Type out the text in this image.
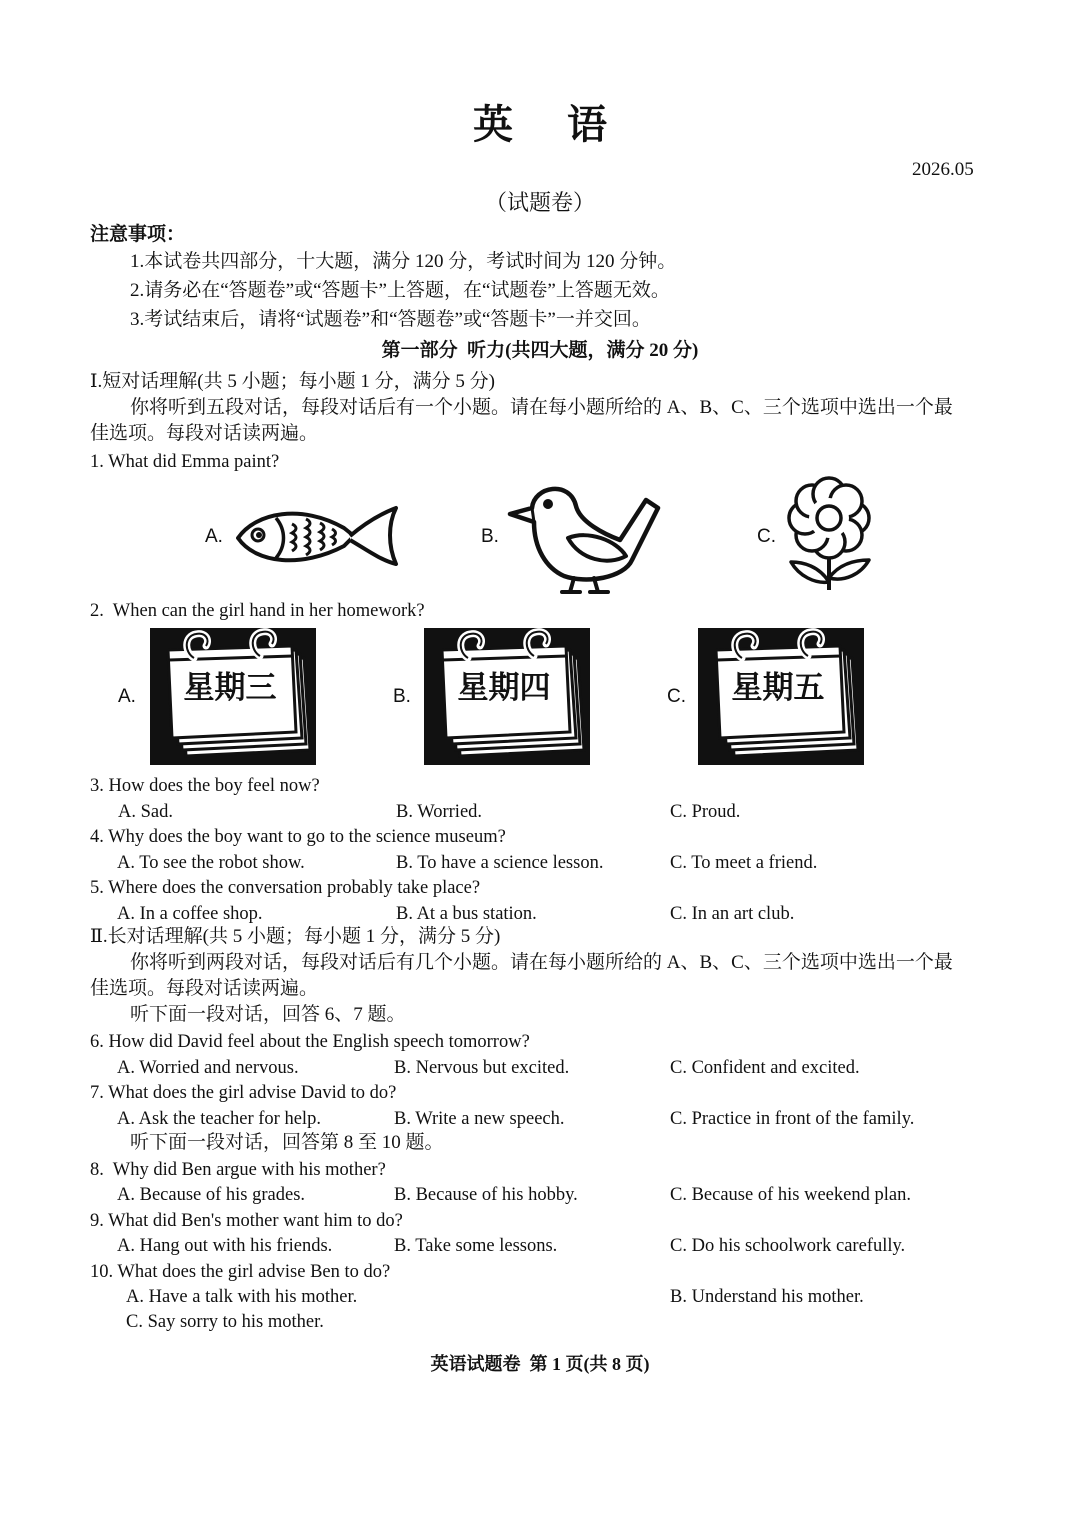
英 语
2026.05
（试题卷）
注意事项：
1.本试卷共四部分，十大题，满分 120 分，考试时间为 120 分钟。
2.请务必在“答题卷”或“答题卡”上答题，在“试题卷”上答题无效。
3.考试结束后，请将“试题卷”和“答题卷”或“答题卡”一并交回。
第一部分  听力(共四大题，满分 20 分)
Ⅰ.短对话理解(共 5 小题；每小题 1 分，满分 5 分)
你将听到五段对话，每段对话后有一个小题。请在每小题所给的 A、B、C、三个选项中选出一个最
佳选项。每段对话读两遍。
1. What did Emma paint?
A.	B.	C.
2.  When can the girl hand in her homework?
A. 星期三	B. 星期四	C. 星期五
3. How does the boy feel now?
A. Sad.	B. Worried.	C. Proud.
4. Why does the boy want to go to the science museum?
A. To see the robot show.	B. To have a science lesson.	C. To meet a friend.
5. Where does the conversation probably take place?
A. In a coffee shop.	B. At a bus station.	C. In an art club.
Ⅱ.长对话理解(共 5 小题；每小题 1 分，满分 5 分)
你将听到两段对话，每段对话后有几个小题。请在每小题所给的 A、B、C、三个选项中选出一个最
佳选项。每段对话读两遍。
听下面一段对话，回答 6、7 题。
6. How did David feel about the English speech tomorrow?
A. Worried and nervous.	B. Nervous but excited.	C. Confident and excited.
7. What does the girl advise David to do?
A. Ask the teacher for help.	B. Write a new speech.	C. Practice in front of the family.
听下面一段对话，回答第 8 至 10 题。
8.  Why did Ben argue with his mother?
A. Because of his grades.	B. Because of his hobby.	C. Because of his weekend plan.
9. What did Ben's mother want him to do?
A. Hang out with his friends.	B. Take some lessons.	C. Do his schoolwork carefully.
10. What does the girl advise Ben to do?
A. Have a talk with his mother.	B. Understand his mother.
C. Say sorry to his mother.
英语试题卷  第 1 页(共 8 页)
